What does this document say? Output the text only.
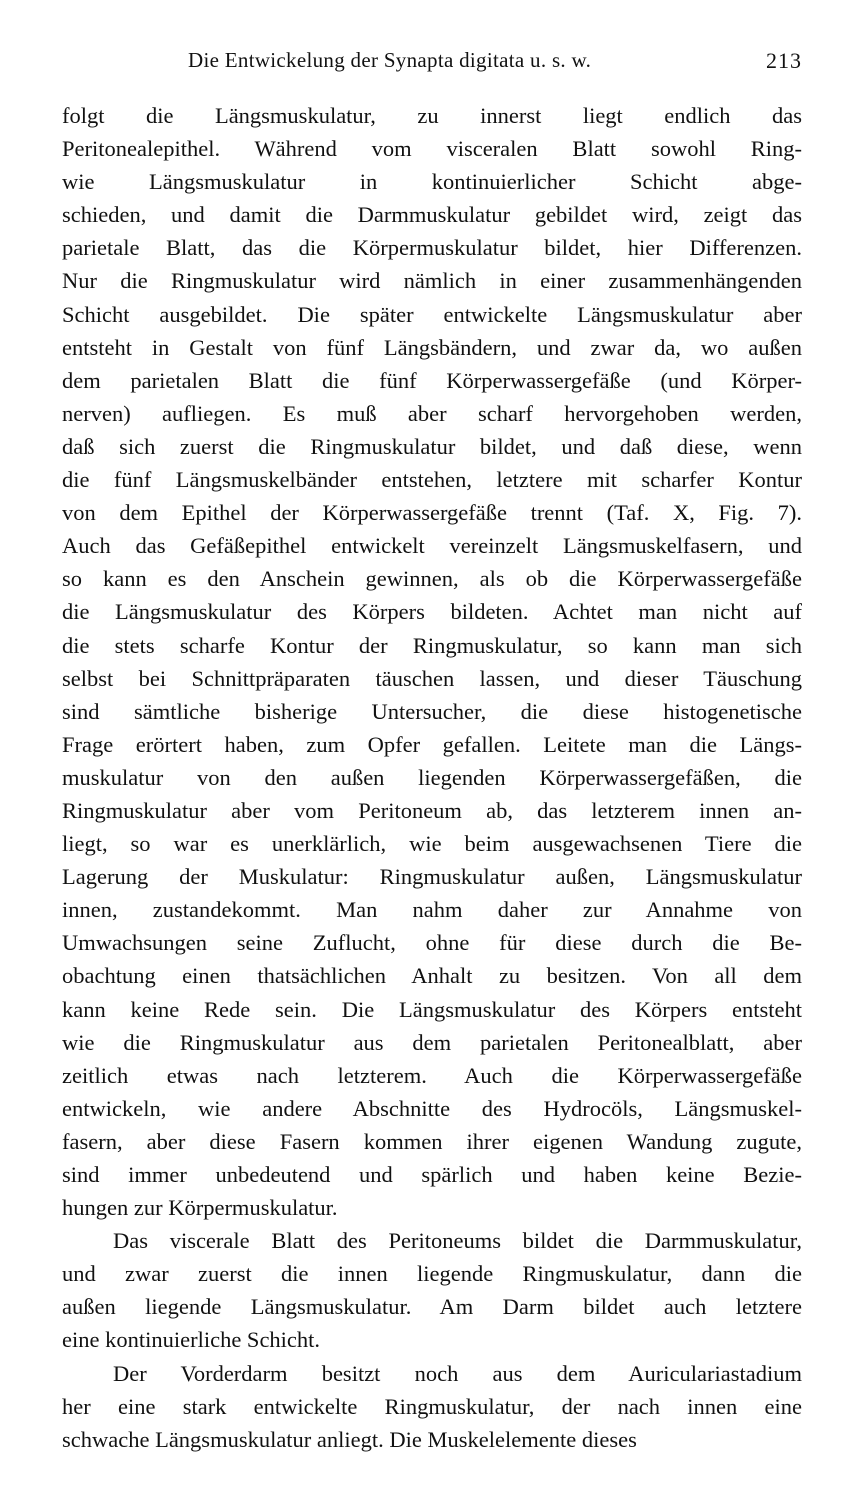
Die Entwickelung der Synapta digitata u. s. w.	213
folgt die Längsmuskulatur, zu innerst liegt endlich das
Peritonealepithel. Während vom visceralen Blatt sowohl Ring-
wie Längsmuskulatur in kontinuierlicher Schicht abge-
schieden, und damit die Darmmuskulatur gebildet wird, zeigt das
parietale Blatt, das die Körpermuskulatur bildet, hier Differenzen.
Nur die Ringmuskulatur wird nämlich in einer zusammenhängenden
Schicht ausgebildet. Die später entwickelte Längsmuskulatur aber
entsteht in Gestalt von fünf Längsbändern, und zwar da, wo außen
dem parietalen Blatt die fünf Körperwassergefäße (und Körper-
nerven) aufliegen. Es muß aber scharf hervorgehoben werden,
daß sich zuerst die Ringmuskulatur bildet, und daß diese, wenn
die fünf Längsmuskelbänder entstehen, letztere mit scharfer Kontur
von dem Epithel der Körperwassergefäße trennt (Taf. X, Fig. 7).
Auch das Gefäßepithel entwickelt vereinzelt Längsmuskelfasern, und
so kann es den Anschein gewinnen, als ob die Körperwassergefäße
die Längsmuskulatur des Körpers bildeten. Achtet man nicht auf
die stets scharfe Kontur der Ringmuskulatur, so kann man sich
selbst bei Schnittpräparaten täuschen lassen, und dieser Täuschung
sind sämtliche bisherige Untersucher, die diese histogenetische
Frage erörtert haben, zum Opfer gefallen. Leitete man die Längs-
muskulatur von den außen liegenden Körperwassergefäßen, die
Ringmuskulatur aber vom Peritoneum ab, das letzterem innen an-
liegt, so war es unerklärlich, wie beim ausgewachsenen Tiere die
Lagerung der Muskulatur: Ringmuskulatur außen, Längsmuskulatur
innen, zustandekommt. Man nahm daher zur Annahme von
Umwachsungen seine Zuflucht, ohne für diese durch die Be-
obachtung einen thatsächlichen Anhalt zu besitzen. Von all dem
kann keine Rede sein. Die Längsmuskulatur des Körpers entsteht
wie die Ringmuskulatur aus dem parietalen Peritonealblatt, aber
zeitlich etwas nach letzterem. Auch die Körperwassergefäße
entwickeln, wie andere Abschnitte des Hydrocöls, Längsmuskel-
fasern, aber diese Fasern kommen ihrer eigenen Wandung zugute,
sind immer unbedeutend und spärlich und haben keine Bezie-
hungen zur Körpermuskulatur.
Das viscerale Blatt des Peritoneums bildet die Darmmuskulatur,
und zwar zuerst die innen liegende Ringmuskulatur, dann die
außen liegende Längsmuskulatur. Am Darm bildet auch letztere
eine kontinuierliche Schicht.
Der Vorderdarm besitzt noch aus dem Auriculariastadium
her eine stark entwickelte Ringmuskulatur, der nach innen eine
schwache Längsmuskulatur anliegt. Die Muskelelemente dieses
